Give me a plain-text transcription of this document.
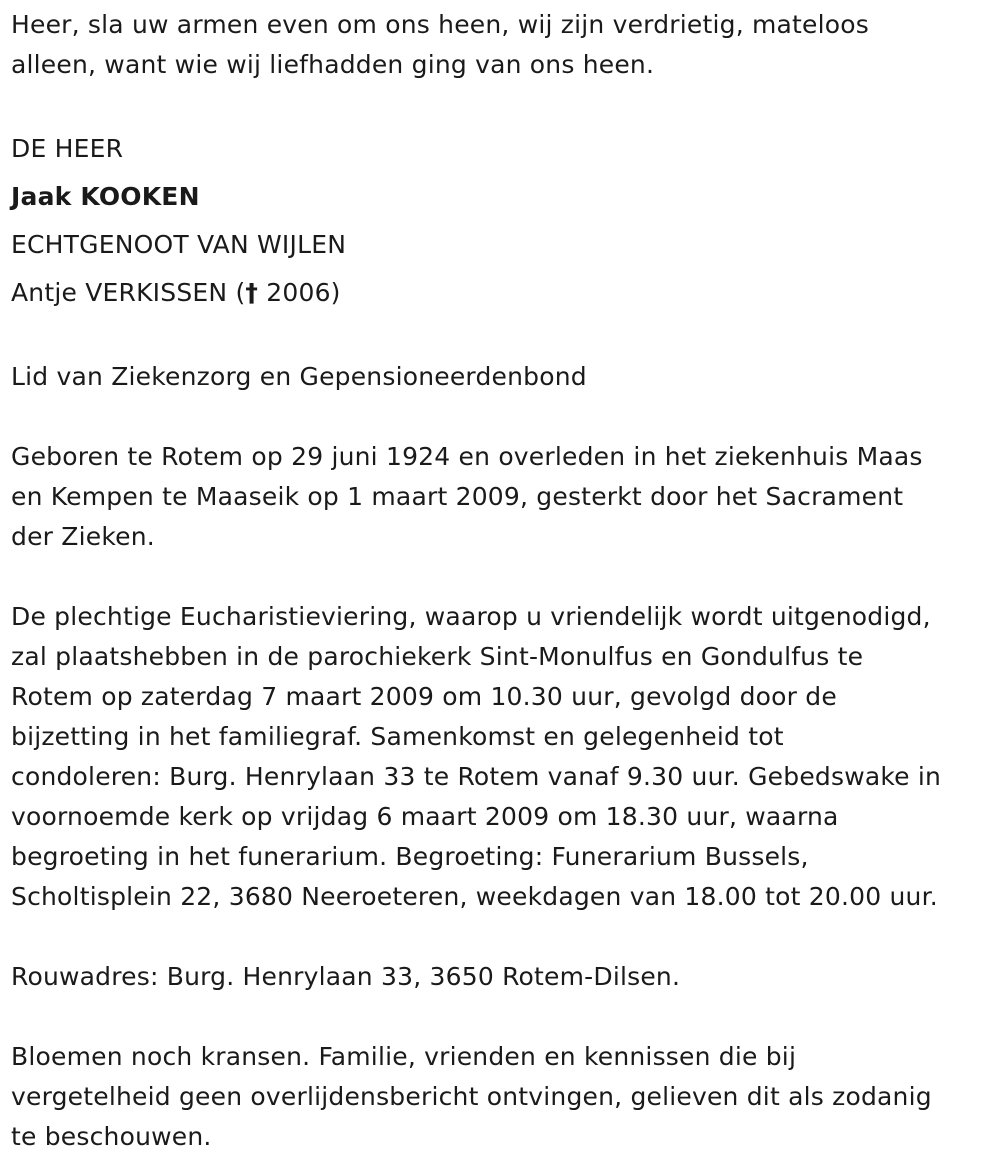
Heer, sla uw armen even om ons heen, wij zijn verdrietig, mateloos

alleen, want wie wij liefhadden ging van ons heen.

DE HEER

Jaak KOOKEN

ECHTGENOOT VAN WIJLEN

Antje VERKISSEN († 2006)

Lid van Ziekenzorg en Gepensioneerdenbond

Geboren te Rotem op 29 juni 1924 en overleden in het ziekenhuis Maas

en Kempen te Maaseik op 1 maart 2009, gesterkt door het Sacrament

der Zieken.

De plechtige Eucharistieviering, waarop u vriendelijk wordt uitgenodigd,

zal plaatshebben in de parochiekerk Sint-Monulfus en Gondulfus te

Rotem op zaterdag 7 maart 2009 om 10.30 uur, gevolgd door de

bijzetting in het familiegraf. Samenkomst en gelegenheid tot

condoleren: Burg. Henrylaan 33 te Rotem vanaf 9.30 uur. Gebedswake in

voornoemde kerk op vrijdag 6 maart 2009 om 18.30 uur, waarna

begroeting in het funerarium. Begroeting: Funerarium Bussels,

Scholtisplein 22, 3680 Neeroeteren, weekdagen van 18.00 tot 20.00 uur.

Rouwadres: Burg. Henrylaan 33, 3650 Rotem-Dilsen.

Bloemen noch kransen. Familie, vrienden en kennissen die bij

vergetelheid geen overlijdensbericht ontvingen, gelieven dit als zodanig

te beschouwen.
